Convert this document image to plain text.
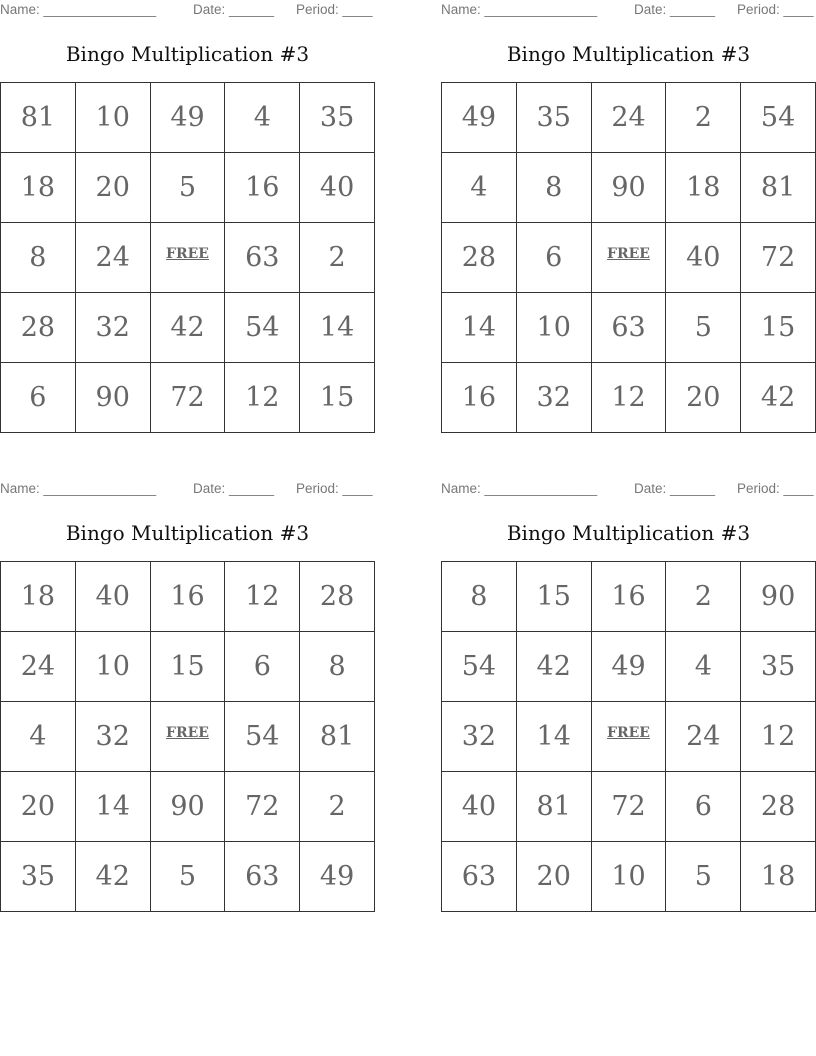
Name: _______________	Date: ______ Period: ____
Bingo Multiplication #3
81	10	49	4	35
18	20	5	16	40
8	24	FREE	63	2
28	32	42	54	14
6	90	72	12	15
Name: _______________	Date: ______ Period: ____
Bingo Multiplication #3
49	35	24	2	54
4	8	90	18	81
28	6	FREE	40	72
14	10	63	5	15
16	32	12	20	42
Name: _______________	Date: ______ Period: ____
Bingo Multiplication #3
18	40	16	12	28
24	10	15	6	8
4	32	FREE	54	81
20	14	90	72	2
35	42	5	63	49
Name: _______________	Date: ______ Period: ____
Bingo Multiplication #3
8	15	16	2	90
54	42	49	4	35
32	14	FREE	24	12
40	81	72	6	28
63	20	10	5	18
